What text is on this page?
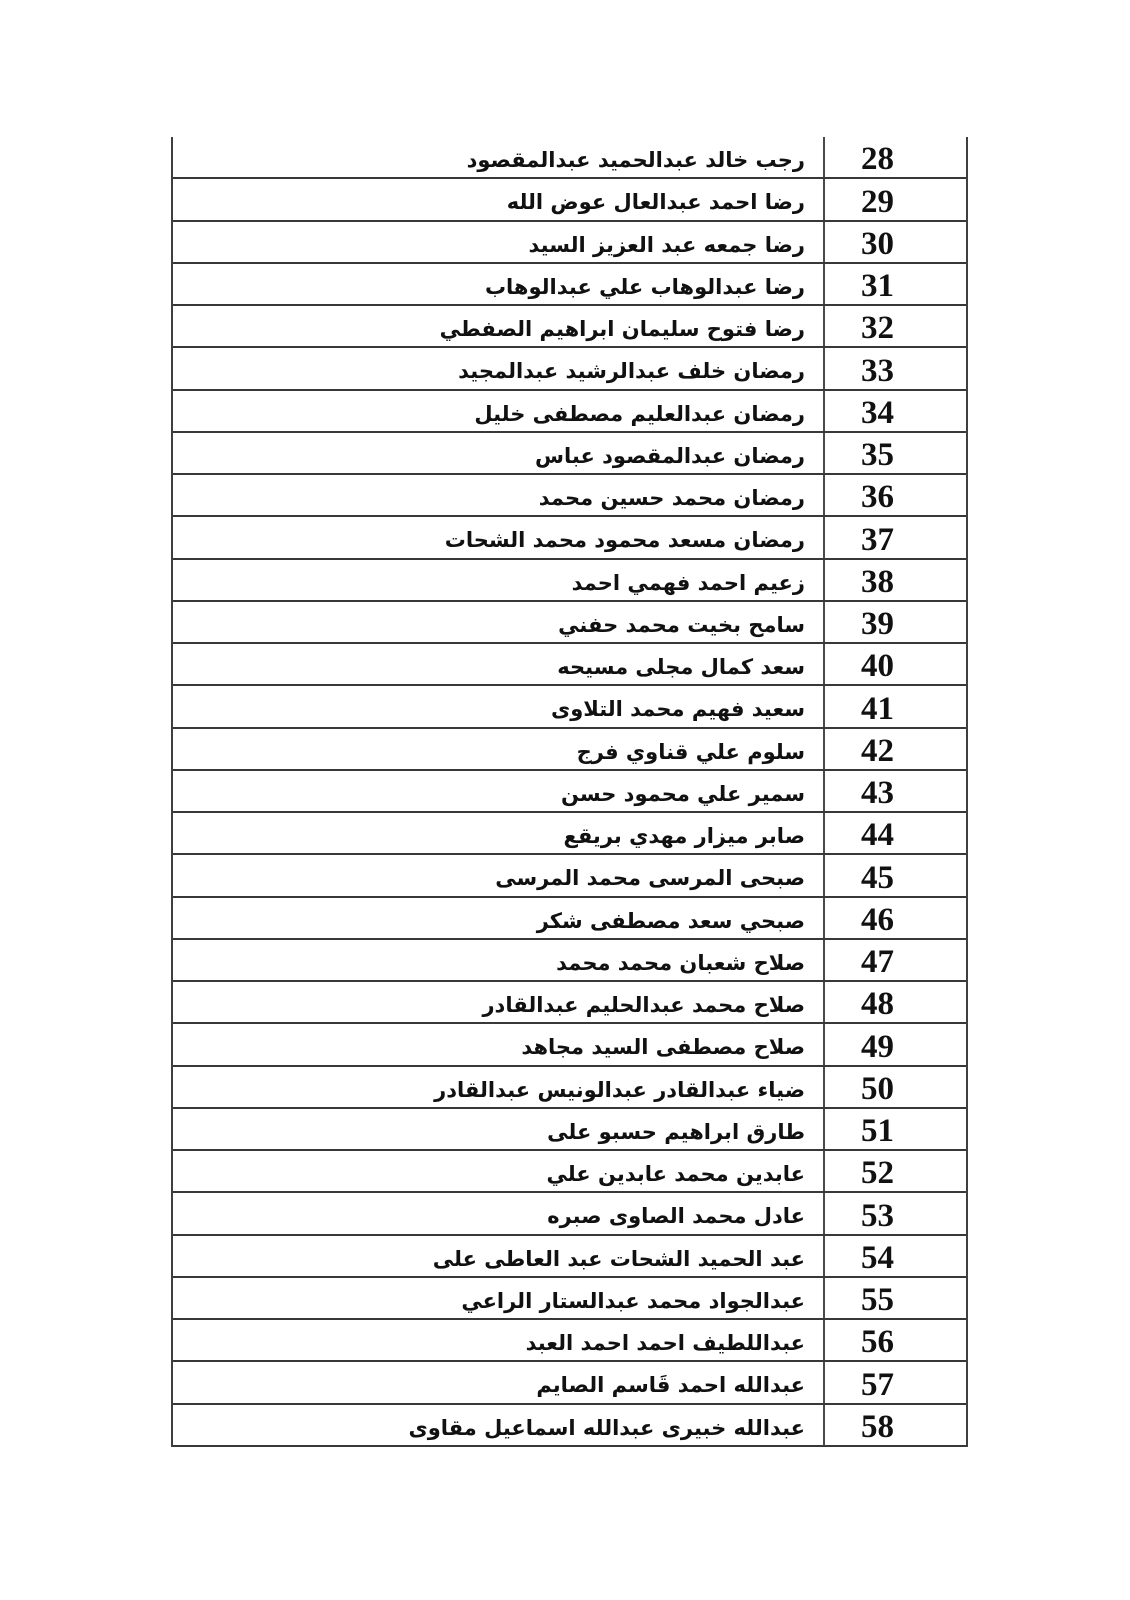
رجب خالد عبدالحميد عبدالمقصود	28
رضا احمد عبدالعال عوض الله	29
رضا جمعه عبد العزيز السيد	30
رضا عبدالوهاب علي عبدالوهاب	31
رضا فتوح سليمان ابراهيم الصفطي	32
رمضان خلف عبدالرشيد عبدالمجيد	33
رمضان عبدالعليم مصطفى خليل	34
رمضان عبدالمقصود عباس	35
رمضان محمد حسين محمد	36
رمضان مسعد محمود محمد الشحات	37
زعيم احمد فهمي احمد	38
سامح بخيت محمد حفني	39
سعد كمال مجلى مسيحه	40
سعيد فهيم محمد التلاوى	41
سلوم علي قناوي فرج	42
سمير علي محمود حسن	43
صابر ميزار مهدي بريقع	44
صبحى المرسى محمد المرسى	45
صبحي سعد مصطفى شكر	46
صلاح شعبان محمد محمد	47
صلاح محمد عبدالحليم عبدالقادر	48
صلاح مصطفى السيد مجاهد	49
ضياء عبدالقادر عبدالونيس عبدالقادر	50
طارق ابراهيم حسبو على	51
عابدين محمد عابدين علي	52
عادل محمد الصاوى صبره	53
عبد الحميد الشحات عبد العاطى على	54
عبدالجواد محمد عبدالستار الراعي	55
عبداللطيف احمد احمد العبد	56
عبدالله احمد قَاسم الصايم	57
عبدالله خبيرى عبدالله اسماعيل مقاوى	58
